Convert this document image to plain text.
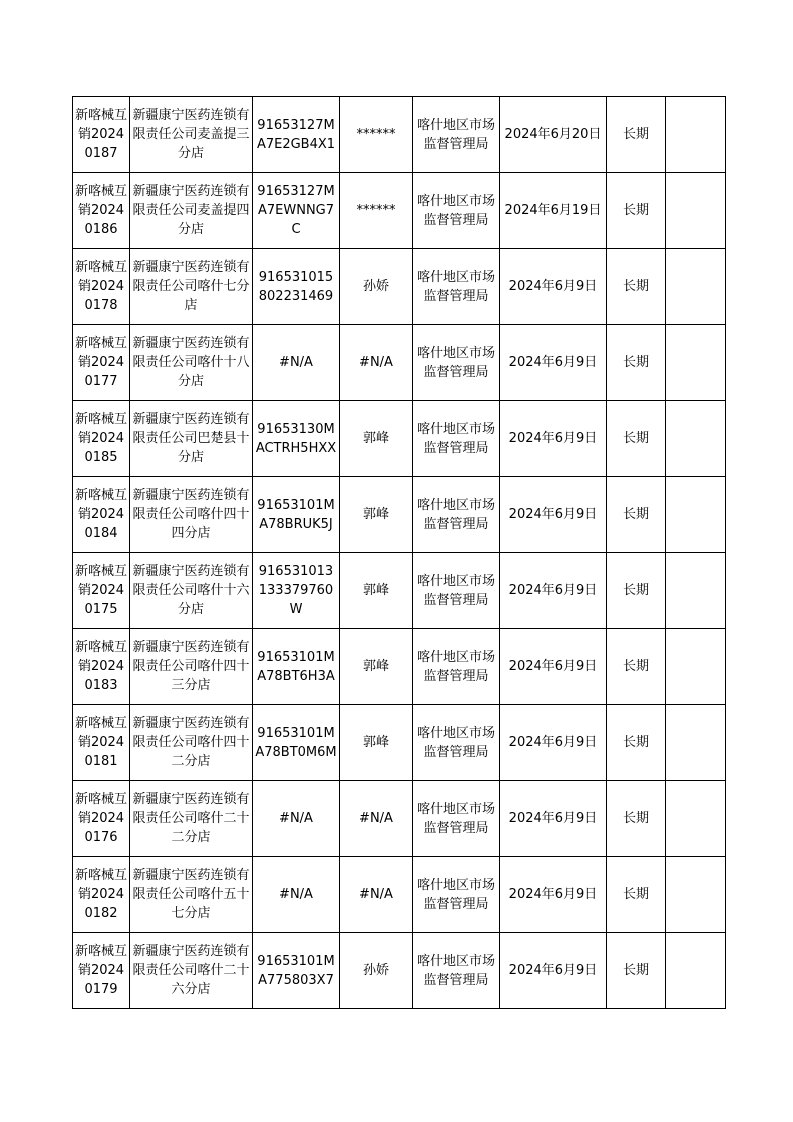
新喀械互销20240187	新疆康宁医药连锁有限责任公司麦盖提三分店	91653127MA7E2GB4X1	******	喀什地区市场监督管理局	2024年6月20日	长期	
新喀械互销20240186	新疆康宁医药连锁有限责任公司麦盖提四分店	91653127MA7EWNNG7C	******	喀什地区市场监督管理局	2024年6月19日	长期	
新喀械互销20240178	新疆康宁医药连锁有限责任公司喀什七分店	916531015802231469	孙娇	喀什地区市场监督管理局	2024年6月9日	长期	
新喀械互销20240177	新疆康宁医药连锁有限责任公司喀什十八分店	#N/A	#N/A	喀什地区市场监督管理局	2024年6月9日	长期	
新喀械互销20240185	新疆康宁医药连锁有限责任公司巴楚县十分店	91653130MACTRH5HXX	郭峰	喀什地区市场监督管理局	2024年6月9日	长期	
新喀械互销20240184	新疆康宁医药连锁有限责任公司喀什四十四分店	91653101MA78BRUK5J	郭峰	喀什地区市场监督管理局	2024年6月9日	长期	
新喀械互销20240175	新疆康宁医药连锁有限责任公司喀什十六分店	916531013133379760W	郭峰	喀什地区市场监督管理局	2024年6月9日	长期	
新喀械互销20240183	新疆康宁医药连锁有限责任公司喀什四十三分店	91653101MA78BT6H3A	郭峰	喀什地区市场监督管理局	2024年6月9日	长期	
新喀械互销20240181	新疆康宁医药连锁有限责任公司喀什四十二分店	91653101MA78BT0M6M	郭峰	喀什地区市场监督管理局	2024年6月9日	长期	
新喀械互销20240176	新疆康宁医药连锁有限责任公司喀什二十二分店	#N/A	#N/A	喀什地区市场监督管理局	2024年6月9日	长期	
新喀械互销20240182	新疆康宁医药连锁有限责任公司喀什五十七分店	#N/A	#N/A	喀什地区市场监督管理局	2024年6月9日	长期	
新喀械互销20240179	新疆康宁医药连锁有限责任公司喀什二十六分店	91653101MA775803X7	孙娇	喀什地区市场监督管理局	2024年6月9日	长期	
